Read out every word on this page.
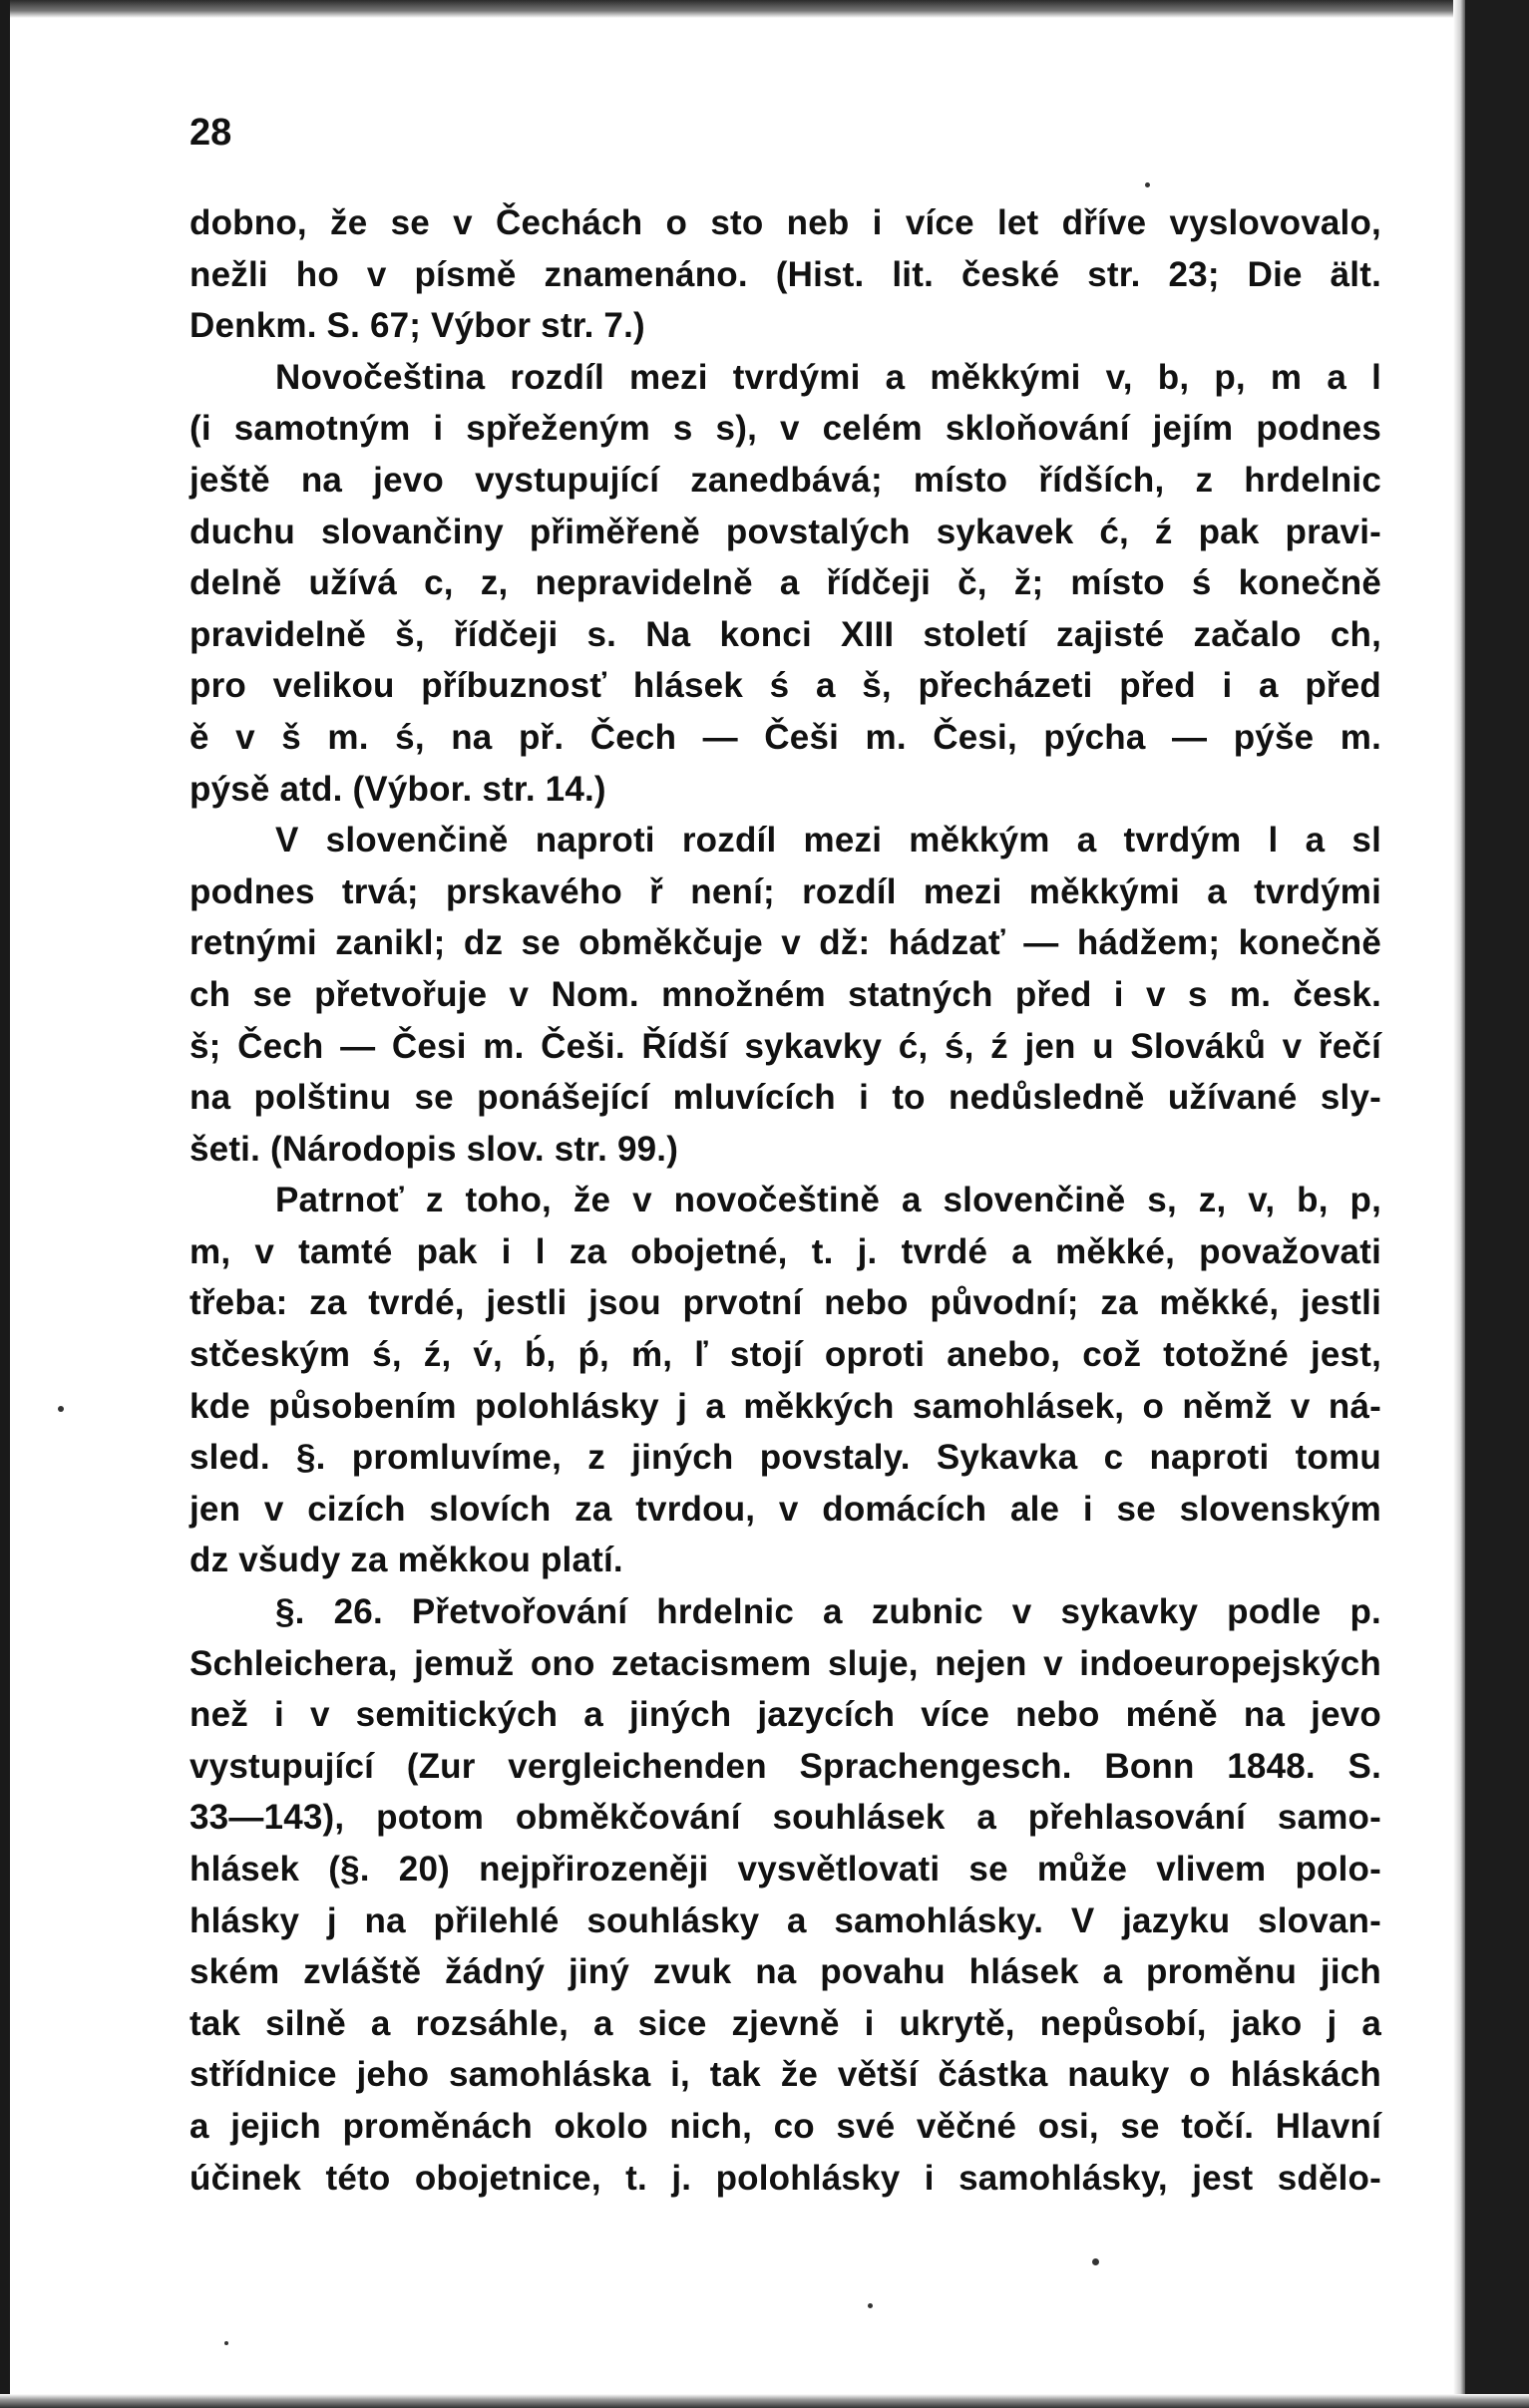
28
dobno, že se v Čechách o sto neb i více let dříve vyslovovalo,
nežli ho v písmě znamenáno. (Hist. lit. české str. 23; Die ält.
Denkm. S. 67; Výbor str. 7.)
Novočeština rozdíl mezi tvrdými a měkkými v, b, p, m a l
(i samotným i spřeženým s s), v celém skloňování jejím podnes
ještě na jevo vystupující zanedbává; místo řídších, z hrdelnic
duchu slovančiny přiměřeně povstalých sykavek ć, ź pak pravi-
delně užívá c, z, nepravidelně a řídčeji č, ž; místo ś konečně
pravidelně š, řídčeji s. Na konci XIII století zajisté začalo ch,
pro velikou příbuznosť hlásek ś a š, přecházeti před i a před
ě v š m. ś, na př. Čech — Češi m. Česi, pýcha — pýše m.
pýsě atd. (Výbor. str. 14.)
V slovenčině naproti rozdíl mezi měkkým a tvrdým l a sl
podnes trvá; prskavého ř není; rozdíl mezi měkkými a tvrdými
retnými zanikl; dz se obměkčuje v dž: hádzať — hádžem; konečně
ch se přetvořuje v Nom. množném statných před i v s m. česk.
š; Čech — Česi m. Češi. Řídší sykavky ć, ś, ź jen u Slováků v řečí
na polštinu se ponášející mluvících i to nedůsledně užívané sly-
šeti. (Národopis slov. str. 99.)
Patrnoť z toho, že v novočeštině a slovenčině s, z, v, b, p,
m, v tamté pak i l za obojetné, t. j. tvrdé a měkké, považovati
třeba: za tvrdé, jestli jsou prvotní nebo původní; za měkké, jestli
stčeským ś, ź, v́, b́, ṕ, ḿ, ľ stojí oproti anebo, což totožné jest,
kde působením polohlásky j a měkkých samohlásek, o němž v ná-
sled. §. promluvíme, z jiných povstaly. Sykavka c naproti tomu
jen v cizích slovích za tvrdou, v domácích ale i se slovenským
dz všudy za měkkou platí.
§. 26. Přetvořování hrdelnic a zubnic v sykavky podle p.
Schleichera, jemuž ono zetacismem sluje, nejen v indoeuropejských
než i v semitických a jiných jazycích více nebo méně na jevo
vystupující (Zur vergleichenden Sprachengesch. Bonn 1848. S.
33—143), potom obměkčování souhlásek a přehlasování samo-
hlásek (§. 20) nejpřirozeněji vysvětlovati se může vlivem polo-
hlásky j na přilehlé souhlásky a samohlásky. V jazyku slovan-
ském zvláště žádný jiný zvuk na povahu hlásek a proměnu jich
tak silně a rozsáhle, a sice zjevně i ukrytě, nepůsobí, jako j a
střídnice jeho samohláska i, tak že větší částka nauky o hláskách
a jejich proměnách okolo nich, co své věčné osi, se točí. Hlavní
účinek této obojetnice, t. j. polohlásky i samohlásky, jest sdělo-
